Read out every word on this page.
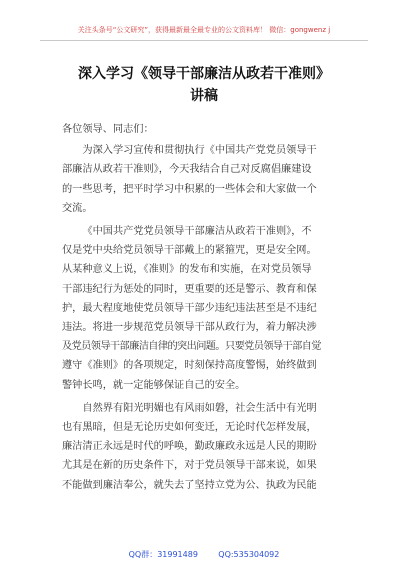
关注头条号“公文研究”，获得最新最全最专业的公文资料库！ 微信：gongwenz j
深入学习《领导干部廉洁从政若干准则》
讲稿

各位领导、同志们：

为深入学习宣传和贯彻执行《中国共产党党员领导干
部廉洁从政若干准则》，今天我结合自己对反腐倡廉建设
的一些思考，把平时学习中积累的一些体会和大家做一个
交流。

《中国共产党党员领导干部廉洁从政若干准则》，不
仅是党中央给党员领导干部戴上的紧箍咒，更是安全网。
从某种意义上说，《准则》的发布和实施，在对党员领导
干部违纪行为惩处的同时，更重要的还是警示、教育和保
护，最大程度地使党员领导干部少违纪违法甚至是不违纪
违法。将进一步规范党员领导干部从政行为，着力解决涉
及党员领导干部廉洁自律的突出问题。只要党员领导干部自觉
遵守《准则》的各项规定，时刻保持高度警惕，始终做到
警钟长鸣，就一定能够保证自己的安全。

自然界有阳光明媚也有风雨如磐，社会生活中有光明
也有黑暗，但是无论历史如何变迁，无论时代怎样发展，
廉洁清正永远是时代的呼唤，勤政廉政永远是人民的期盼
尤其是在新的历史条件下，对于党员领导干部来说，如果
不能做到廉洁奉公，就失去了坚持立党为公、执政为民能

QQ群：31991489	QQ:535304092
